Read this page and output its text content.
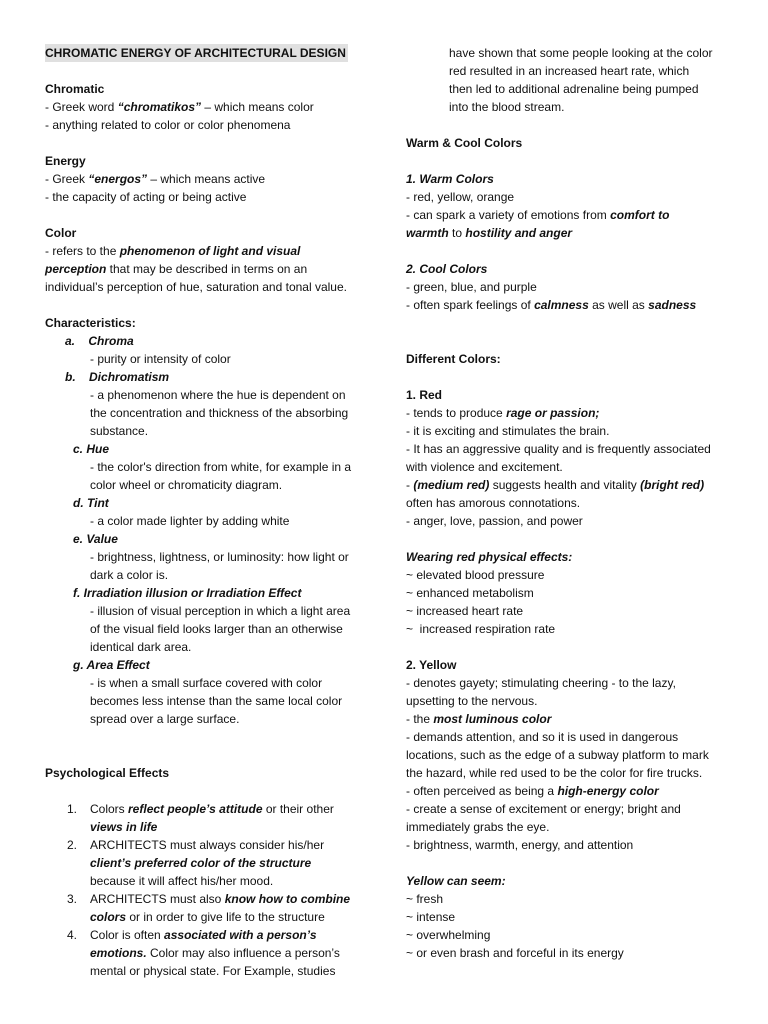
CHROMATIC ENERGY OF ARCHITECTURAL DESIGN
Chromatic
- Greek word “chromatikos” – which means color
- anything related to color or color phenomena
Energy
- Greek “energos” – which means active
- the capacity of acting or being active
Color
- refers to the phenomenon of light and visual
perception that may be described in terms on an
individual’s perception of hue, saturation and tonal value.
Characteristics:
a. Chroma
- purity or intensity of color
b. Dichromatism
- a phenomenon where the hue is dependent on
the concentration and thickness of the absorbing
substance.
c. Hue
- the color's direction from white, for example in a
color wheel or chromaticity diagram.
d. Tint
- a color made lighter by adding white
e. Value
- brightness, lightness, or luminosity: how light or
dark a color is.
f. Irradiation illusion or Irradiation Effect
- illusion of visual perception in which a light area
of the visual field looks larger than an otherwise
identical dark area.
g. Area Effect
- is when a small surface covered with color
becomes less intense than the same local color
spread over a large surface.
Psychological Effects
1. Colors reflect people’s attitude or their other
views in life
2. ARCHITECTS must always consider his/her
client’s preferred color of the structure
because it will affect his/her mood.
3. ARCHITECTS must also know how to combine
colors or in order to give life to the structure
4. Color is often associated with a person’s
emotions. Color may also influence a person’s
mental or physical state. For Example, studies
have shown that some people looking at the color
red resulted in an increased heart rate, which
then led to additional adrenaline being pumped
into the blood stream.
Warm & Cool Colors
1. Warm Colors
- red, yellow, orange
- can spark a variety of emotions from comfort to
warmth to hostility and anger
2. Cool Colors
- green, blue, and purple
- often spark feelings of calmness as well as sadness
Different Colors:
1. Red
- tends to produce rage or passion;
- it is exciting and stimulates the brain.
- It has an aggressive quality and is frequently associated
with violence and excitement.
- (medium red) suggests health and vitality (bright red)
often has amorous connotations.
- anger, love, passion, and power
Wearing red physical effects:
~ elevated blood pressure
~ enhanced metabolism
~ increased heart rate
~  increased respiration rate
2. Yellow
- denotes gayety; stimulating cheering - to the lazy,
upsetting to the nervous.
- the most luminous color
- demands attention, and so it is used in dangerous
locations, such as the edge of a subway platform to mark
the hazard, while red used to be the color for fire trucks.
- often perceived as being a high-energy color
- create a sense of excitement or energy; bright and
immediately grabs the eye.
- brightness, warmth, energy, and attention
Yellow can seem:
~ fresh
~ intense
~ overwhelming
~ or even brash and forceful in its energy
